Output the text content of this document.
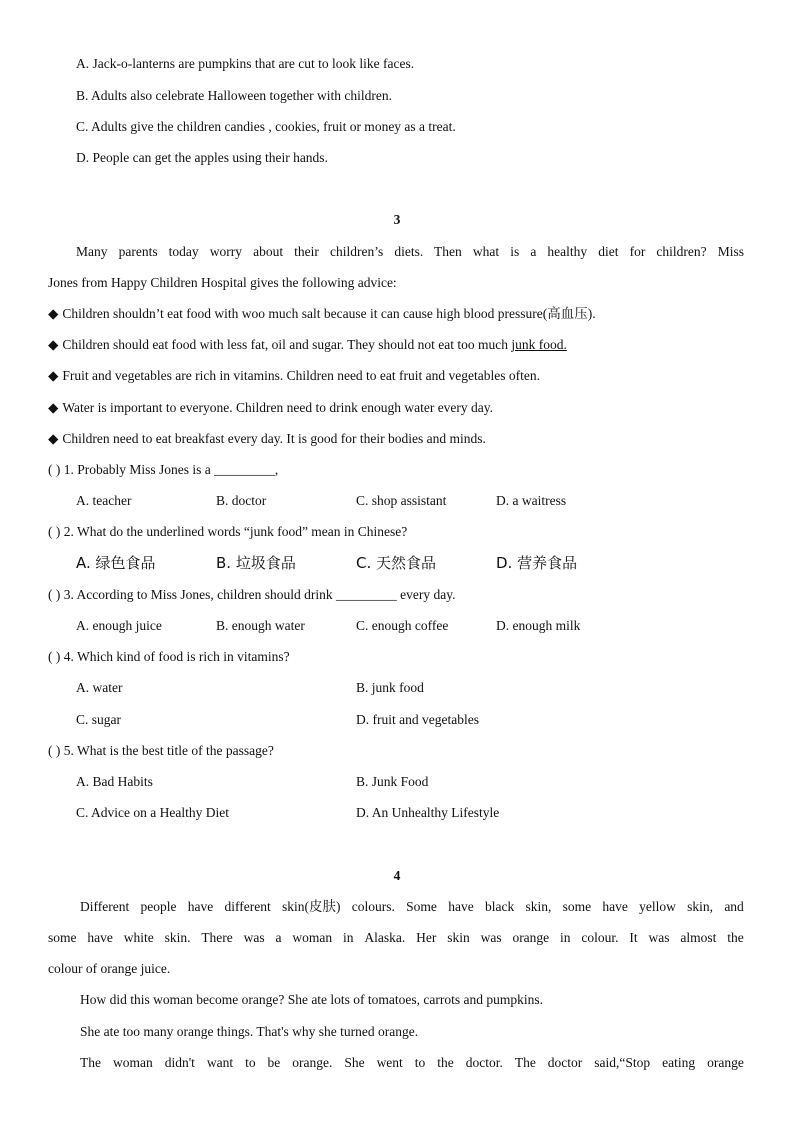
A. Jack-o-lanterns are pumpkins that are cut to look like faces.
B. Adults also celebrate Halloween together with children.
C. Adults give the children candies , cookies, fruit or money as a treat.
D. People can get the apples using their hands.
3
Many parents today worry about their children’s diets. Then what is a healthy diet for children? Miss
Jones from Happy Children Hospital gives the following advice:
◆ Children shouldn’t eat food with woo much salt because it can cause high blood pressure(高血压).
◆ Children should eat food with less fat, oil and sugar. They should not eat too much junk food.
◆ Fruit and vegetables are rich in vitamins. Children need to eat fruit and vegetables often.
◆ Water is important to everyone. Children need to drink enough water every day.
◆ Children need to eat breakfast every day. It is good for their bodies and minds.
( ) 1. Probably Miss Jones is a _________,
A. teacher	B. doctor	C. shop assistant	D. a waitress
( ) 2. What do the underlined words “junk food” mean in Chinese?
A. 绿色食品	B. 垃圾食品	C. 天然食品	D. 营养食品
( ) 3. According to Miss Jones, children should drink _________ every day.
A. enough juice	B. enough water	C. enough coffee	D. enough milk
( ) 4. Which kind of food is rich in vitamins?
A. water	B. junk food
C. sugar	D. fruit and vegetables
( ) 5. What is the best title of the passage?
A. Bad Habits	B. Junk Food
C. Advice on a Healthy Diet	D. An Unhealthy Lifestyle
4
Different people have different skin(皮肤) colours. Some have black skin, some have yellow skin, and
some have white skin. There was a woman in Alaska. Her skin was orange in colour. It was almost the
colour of orange juice.
How did this woman become orange? She ate lots of tomatoes, carrots and pumpkins.
She ate too many orange things. That's why she turned orange.
The woman didn't want to be orange. She went to the doctor. The doctor said,“Stop eating orange
